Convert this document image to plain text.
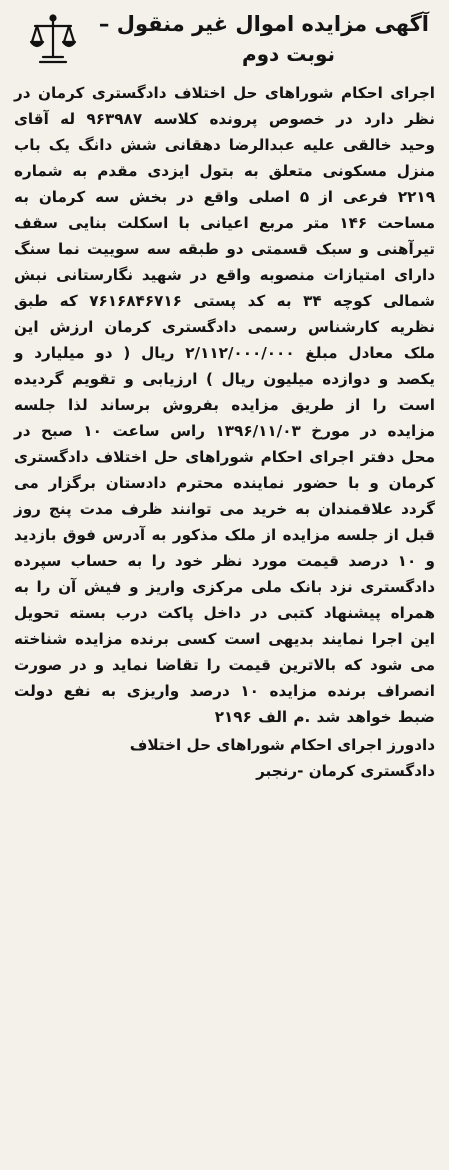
آگهی مزایده اموال غیر منقول –
نوبت دوم

اجرای احکام شوراهای حل اختلاف دادگستری کرمان در نظر دارد در خصوص پرونده کلاسه ۹۶۳۹۸۷ له آقای وحید خالقی علیه عبدالرضا دهقانی شش دانگ یک باب منزل مسکونی متعلق به بتول ایزدی مقدم به شماره ۲۲۱۹ فرعی از ۵ اصلی واقع در بخش سه کرمان به مساحت ۱۴۶ متر مربع اعیانی با اسکلت بنایی سقف تیرآهنی و سبک قسمتی دو طبقه سه سوییت نما سنگ دارای امتیازات منصوبه واقع در شهید نگارستانی نبش شمالی کوچه ۳۴ به کد پستی ۷۶۱۶۸۴۶۷۱۶ که طبق نظریه کارشناس رسمی دادگستری کرمان ارزش این ملک معادل مبلغ ۲/۱۱۲/۰۰۰/۰۰۰ ریال ( دو میلیارد و یکصد و دوازده میلیون ریال ) ارزیابی و تقویم گردیده است را از طریق مزایده بفروش برساند لذا جلسه مزایده در مورخ ۱۳۹۶/۱۱/۰۳ راس ساعت ۱۰ صبح در محل دفتر اجرای احکام شوراهای حل اختلاف دادگستری کرمان و با حضور نماینده محترم دادستان برگزار می گردد علاقمندان به خرید می توانند ظرف مدت پنج روز قبل از جلسه مزایده از ملک مذکور به آدرس فوق بازدید و ۱۰ درصد قیمت مورد نظر خود را به حساب سپرده دادگستری نزد بانک ملی مرکزی واریز و فیش آن را به همراه پیشنهاد کتبی در داخل پاکت درب بسته تحویل این اجرا نمایند بدیهی است کسی برنده مزایده شناخته می شود که بالاترین قیمت را تقاضا نماید و در صورت انصراف برنده مزایده ۱۰ درصد واریزی به نفع دولت ضبط خواهد شد .م الف ۲۱۹۶

دادورز اجرای احکام شوراهای حل اختلاف
دادگستری کرمان -رنجبر
